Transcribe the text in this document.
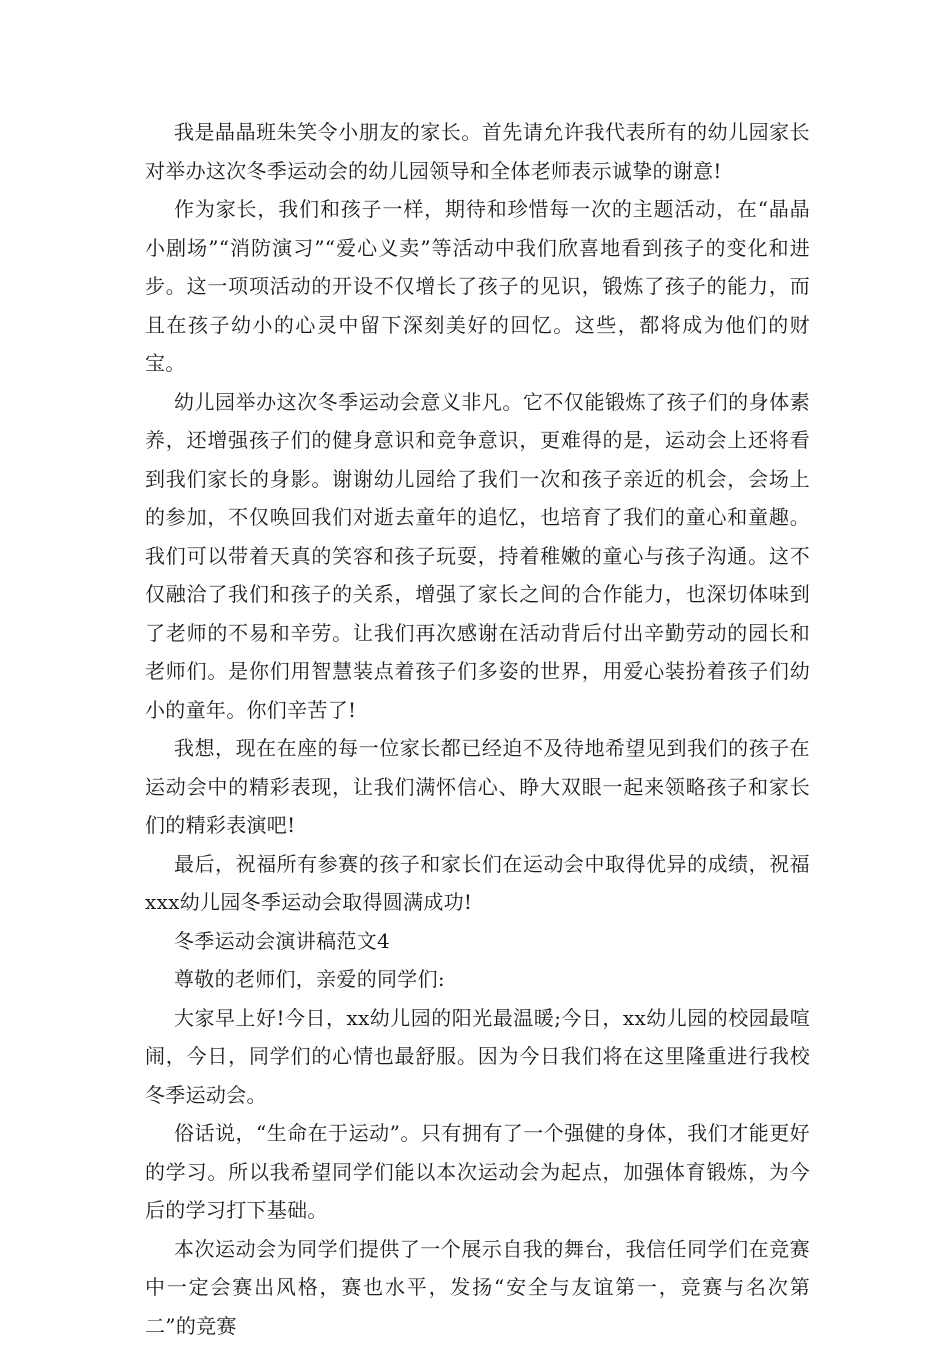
我是晶晶班朱笑令小朋友的家长。首先请允许我代表所有的幼儿园家长对举办这次冬季运动会的幼儿园领导和全体老师表示诚挚的谢意!

作为家长，我们和孩子一样，期待和珍惜每一次的主题活动，在“晶晶小剧场”“消防演习”“爱心义卖”等活动中我们欣喜地看到孩子的变化和进步。这一项项活动的开设不仅增长了孩子的见识，锻炼了孩子的能力，而且在孩子幼小的心灵中留下深刻美好的回忆。这些，都将成为他们的财宝。

幼儿园举办这次冬季运动会意义非凡。它不仅能锻炼了孩子们的身体素养，还增强孩子们的健身意识和竞争意识，更难得的是，运动会上还将看到我们家长的身影。谢谢幼儿园给了我们一次和孩子亲近的机会，会场上的参加，不仅唤回我们对逝去童年的追忆，也培育了我们的童心和童趣。我们可以带着天真的笑容和孩子玩耍，持着稚嫩的童心与孩子沟通。这不仅融洽了我们和孩子的关系，增强了家长之间的合作能力，也深切体味到了老师的不易和辛劳。让我们再次感谢在活动背后付出辛勤劳动的园长和老师们。是你们用智慧装点着孩子们多姿的世界，用爱心装扮着孩子们幼小的童年。你们辛苦了!

我想，现在在座的每一位家长都已经迫不及待地希望见到我们的孩子在运动会中的精彩表现，让我们满怀信心、睁大双眼一起来领略孩子和家长们的精彩表演吧!

最后，祝福所有参赛的孩子和家长们在运动会中取得优异的成绩，祝福xxx幼儿园冬季运动会取得圆满成功!

冬季运动会演讲稿范文4

尊敬的老师们，亲爱的同学们:

大家早上好!今日，xx幼儿园的阳光最温暖;今日，xx幼儿园的校园最喧闹，今日，同学们的心情也最舒服。因为今日我们将在这里隆重进行我校冬季运动会。

俗话说，“生命在于运动”。只有拥有了一个强健的身体，我们才能更好的学习。所以我希望同学们能以本次运动会为起点，加强体育锻炼，为今后的学习打下基础。

本次运动会为同学们提供了一个展示自我的舞台，我信任同学们在竞赛中一定会赛出风格，赛也水平，发扬“安全与友谊第一，竞赛与名次第二”的竞赛
